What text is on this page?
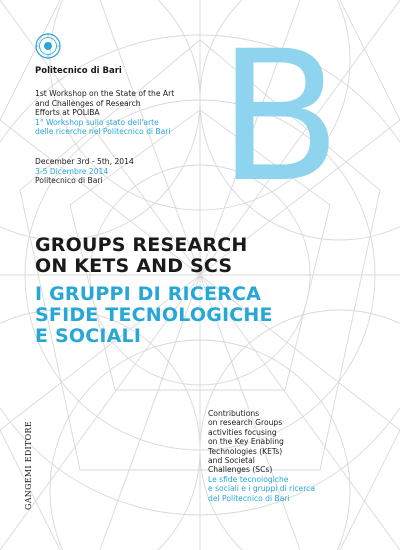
Politecnico di Bari B
1st Workshop on the State of the Art
and Challenges of Research
Efforts at POLIBA
1° Workshop sullo stato dell'arte
delle ricerche nel Politecnico di Bari
December 3rd - 5th, 2014
3-5 Dicembre 2014
Politecnico di Bari
GROUPS RESEARCH
ON KETS AND SCS
I GRUPPI DI RICERCA
SFIDE TECNOLOGICHE
E SOCIALI
GANGEMI EDITORE
Contributions
on research Groups
activities focusing
on the Key Enabling
Technologies (KETs)
and Societal
Challenges (SCs)
Le sfide tecnologiche
e sociali e i gruppi di ricerca
del Politecnico di Bari
